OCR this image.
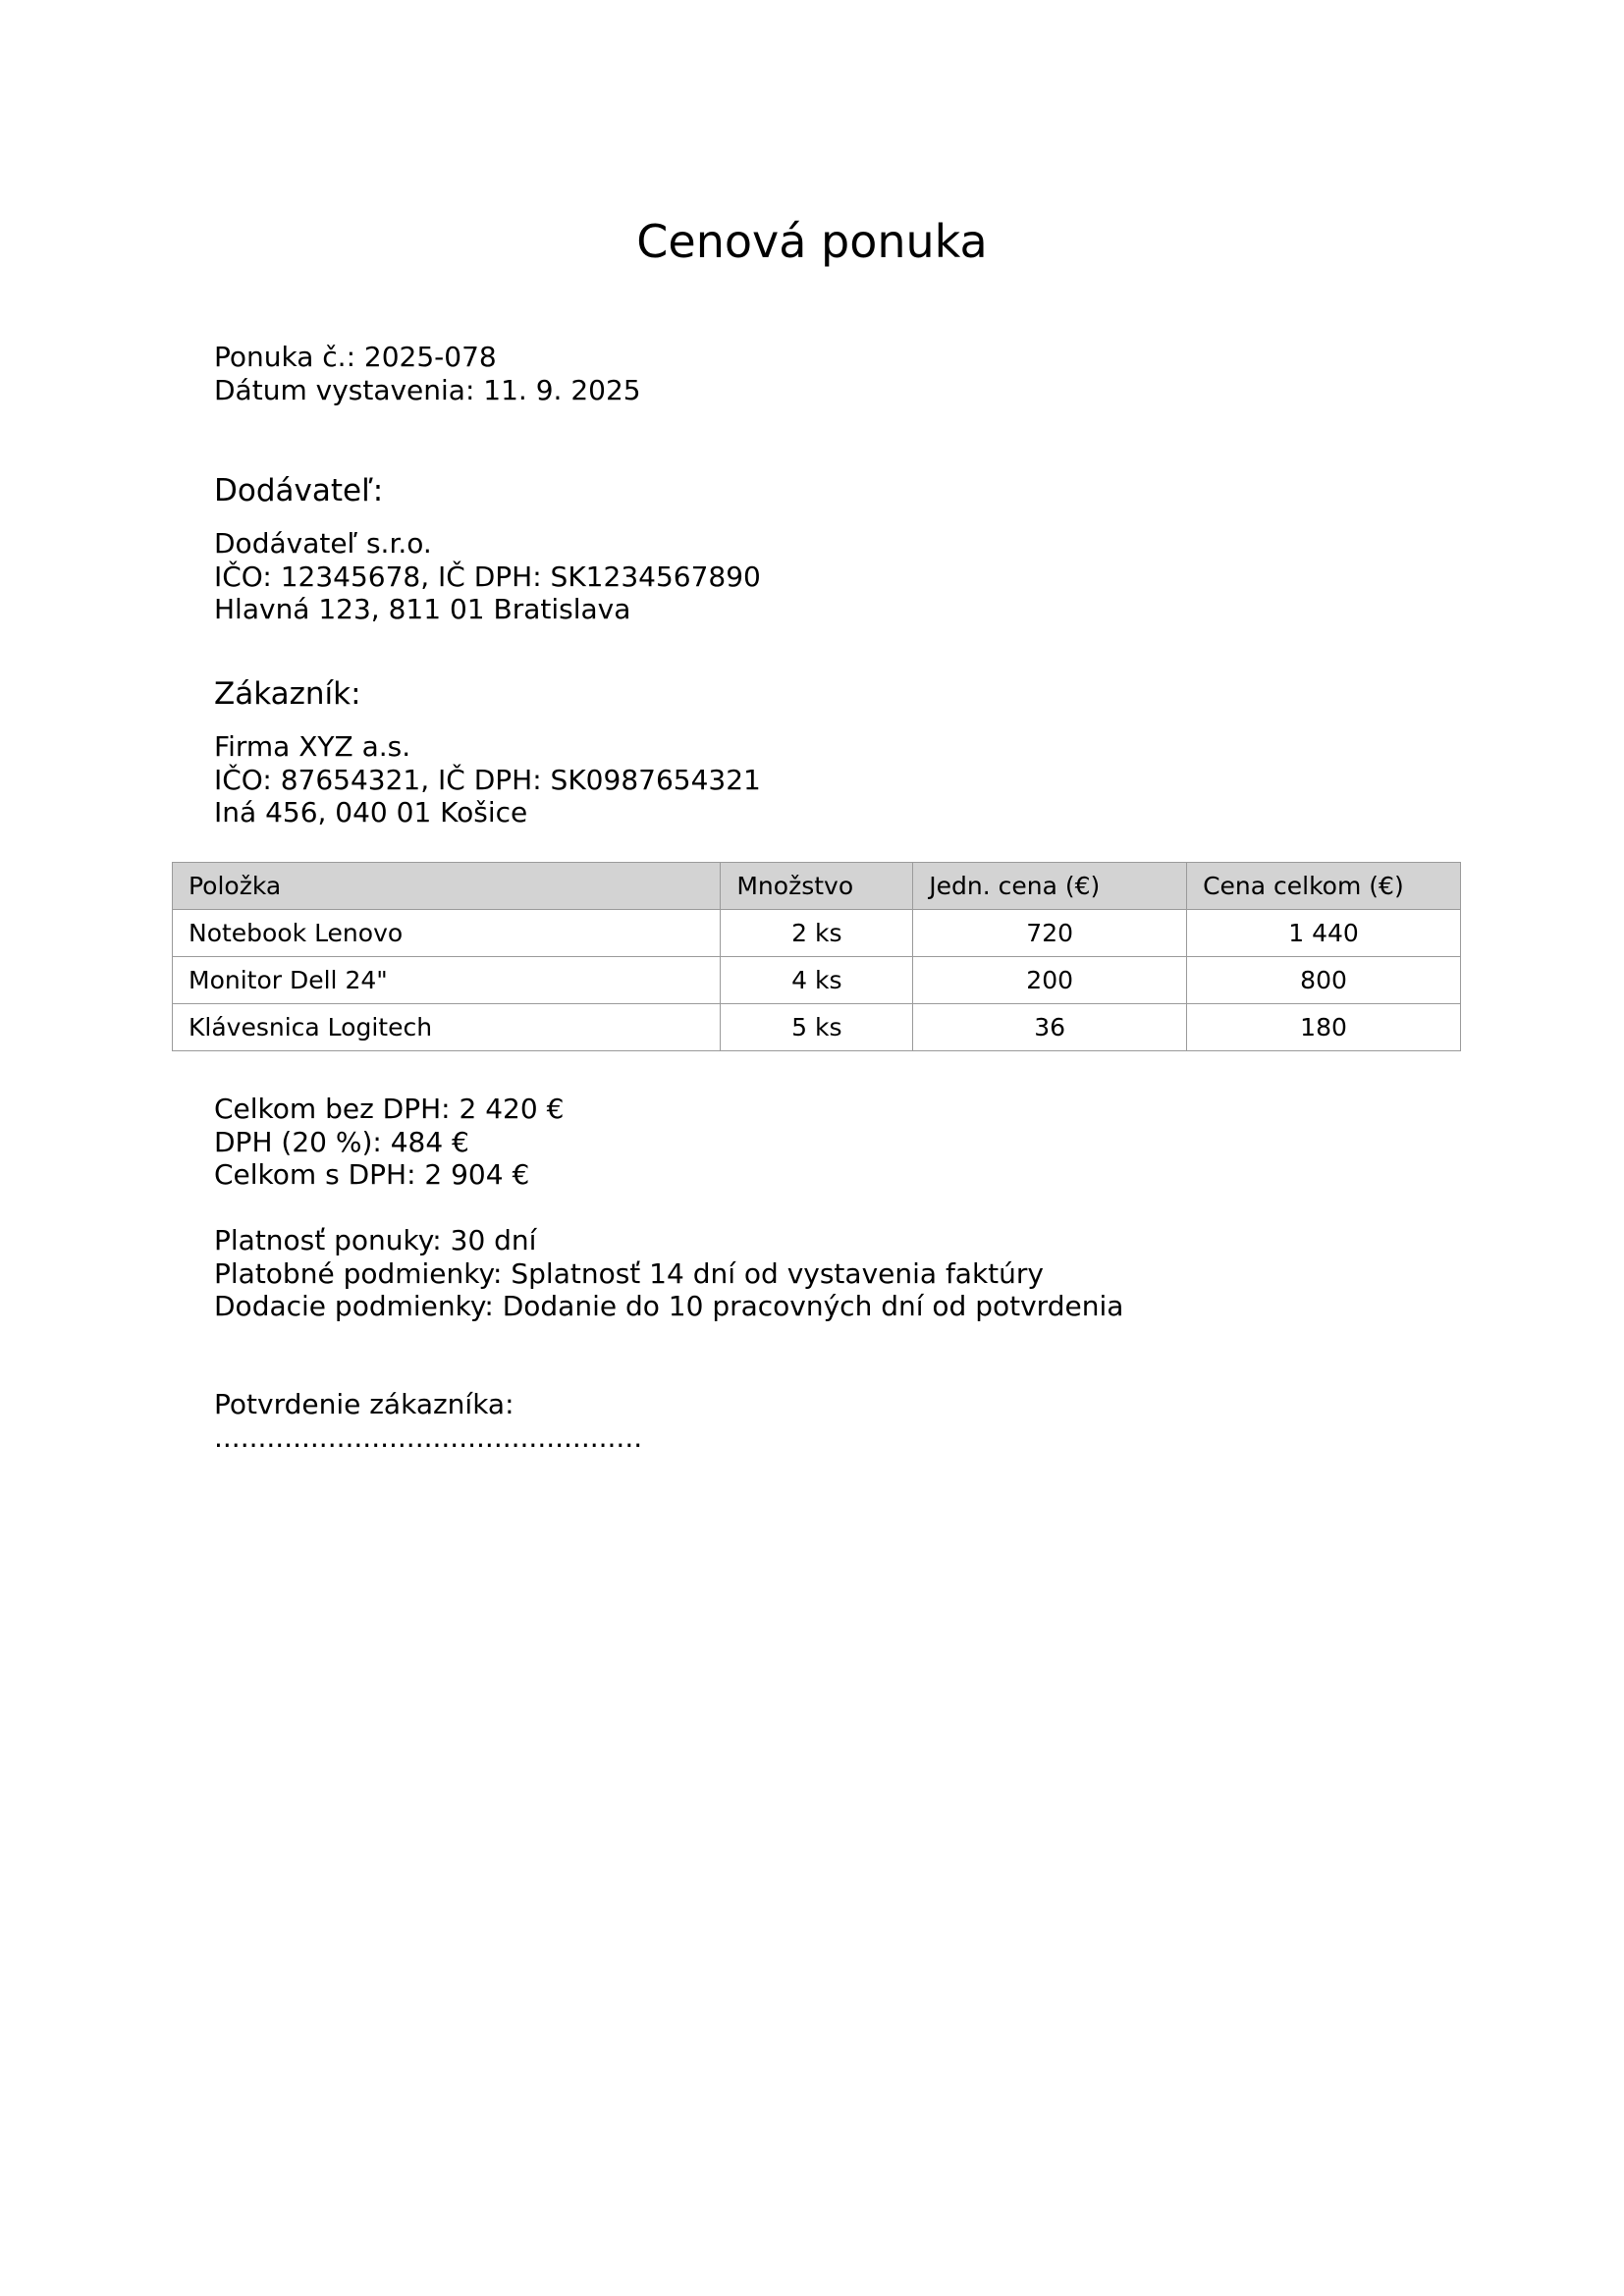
Cenová ponuka
Ponuka č.: 2025-078
Dátum vystavenia: 11. 9. 2025
Dodávateľ:
Dodávateľ s.r.o.
IČO: 12345678, IČ DPH: SK1234567890
Hlavná 123, 811 01 Bratislava
Zákazník:
Firma XYZ a.s.
IČO: 87654321, IČ DPH: SK0987654321
Iná 456, 040 01 Košice
Položka	Množstvo	Jedn. cena (€)	Cena celkom (€)
Notebook Lenovo	2 ks	720	1 440
Monitor Dell 24"	4 ks	200	800
Klávesnica Logitech	5 ks	36	180
Celkom bez DPH: 2 420 €
DPH (20 %): 484 €
Celkom s DPH: 2 904 €
Platnosť ponuky: 30 dní
Platobné podmienky: Splatnosť 14 dní od vystavenia faktúry
Dodacie podmienky: Dodanie do 10 pracovných dní od potvrdenia
Potvrdenie zákazníka:
.................................................
